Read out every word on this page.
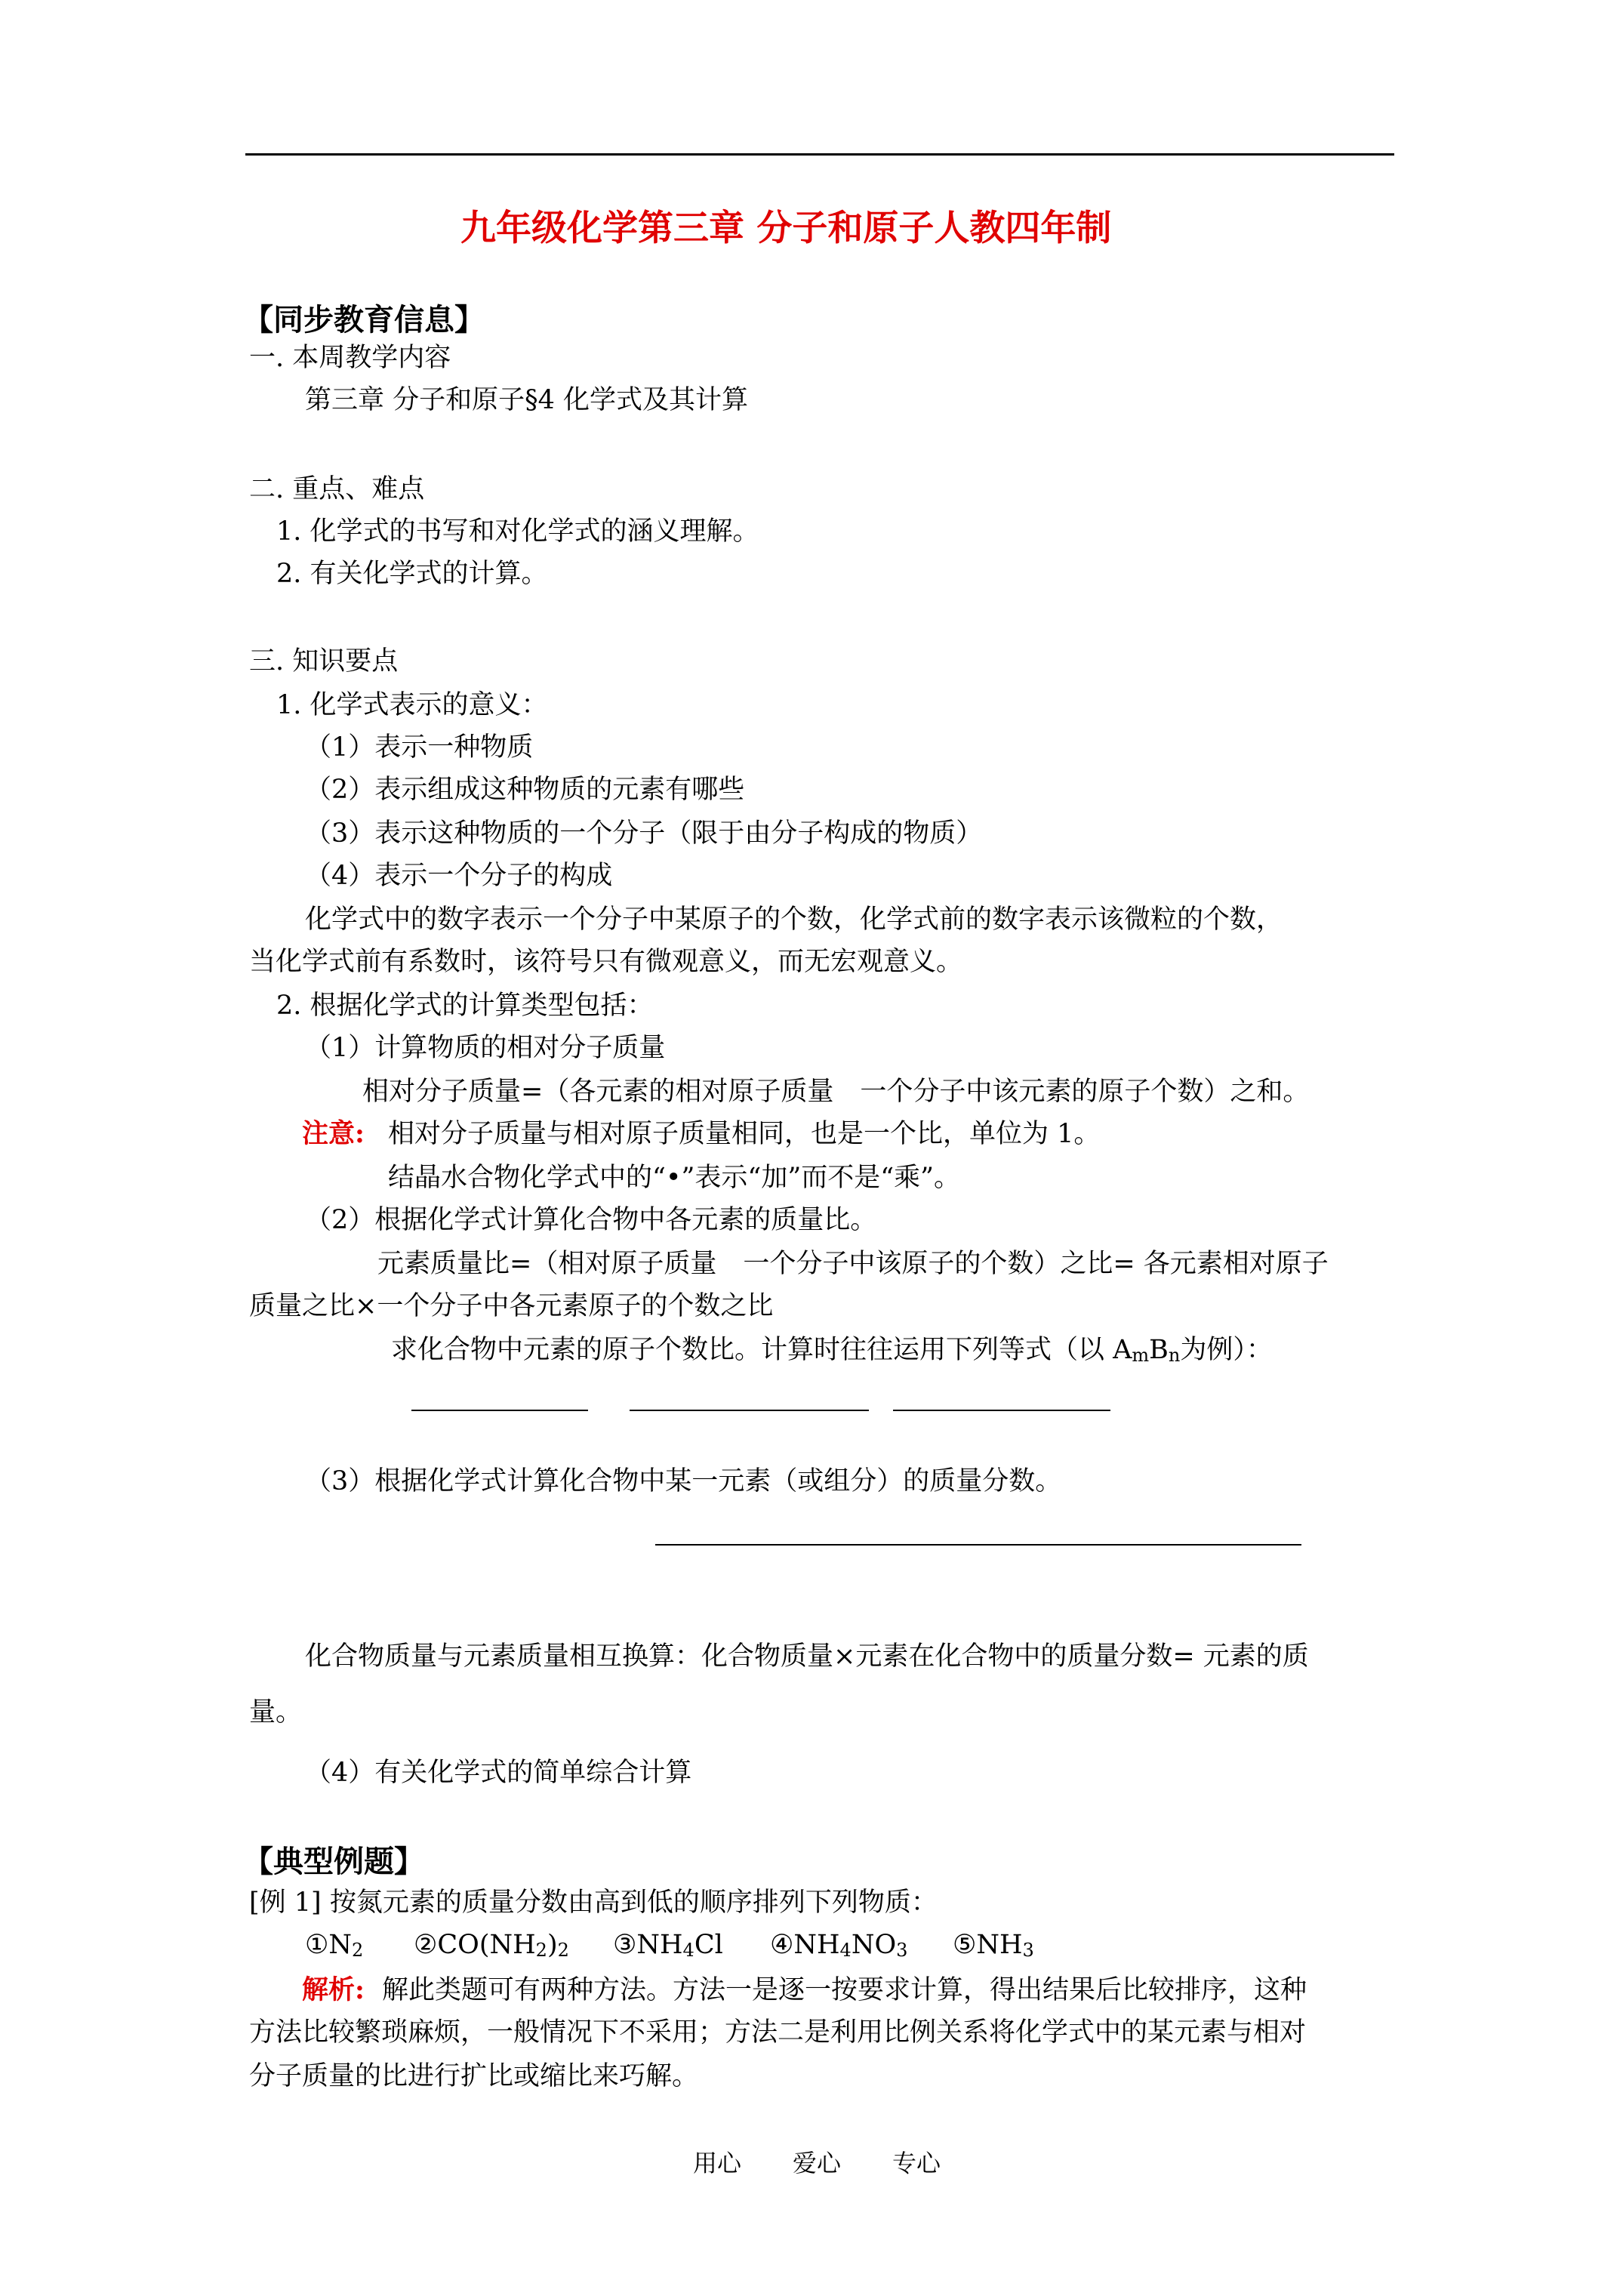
九年级化学第三章 分子和原子人教四年制
【同步教育信息】
一. 本周教学内容
第三章 分子和原子§4 化学式及其计算
二. 重点、难点
1. 化学式的书写和对化学式的涵义理解。
2. 有关化学式的计算。
三. 知识要点
1. 化学式表示的意义：
（1）表示一种物质
（2）表示组成这种物质的元素有哪些
（3）表示这种物质的一个分子（限于由分子构成的物质）
（4）表示一个分子的构成
化学式中的数字表示一个分子中某原子的个数，化学式前的数字表示该微粒的个数，
当化学式前有系数时，该符号只有微观意义，而无宏观意义。
2. 根据化学式的计算类型包括：
（1）计算物质的相对分子质量
相对分子质量=（各元素的相对原子质量　一个分子中该元素的原子个数）之和。
注意: 相对分子质量与相对原子质量相同，也是一个比，单位为 1。
结晶水合物化学式中的“•”表示“加”而不是“乘”。
（2）根据化学式计算化合物中各元素的质量比。
元素质量比=（相对原子质量　一个分子中该原子的个数）之比= 各元素相对原子
质量之比×一个分子中各元素原子的个数之比
求化合物中元素的原子个数比。计算时往往运用下列等式（以 $A_mB_n$为例）：
（3）根据化学式计算化合物中某一元素（或组分）的质量分数。
化合物质量与元素质量相互换算：化合物质量×元素在化合物中的质量分数= 元素的质
量。
（4）有关化学式的简单综合计算
【典型例题】
[例 1] 按氮元素的质量分数由高到低的顺序排列下列物质：
$①N_2$ $②CO(NH_2)_2$ $③NH_4Cl$ $④NH_4NO_3$ $⑤NH_3$
解析: 解此类题可有两种方法。方法一是逐一按要求计算，得出结果后比较排序，这种
方法比较繁琐麻烦，一般情况下不采用；方法二是利用比例关系将化学式中的某元素与相对
分子质量的比进行扩比或缩比来巧解。
用心 爱心 专心
